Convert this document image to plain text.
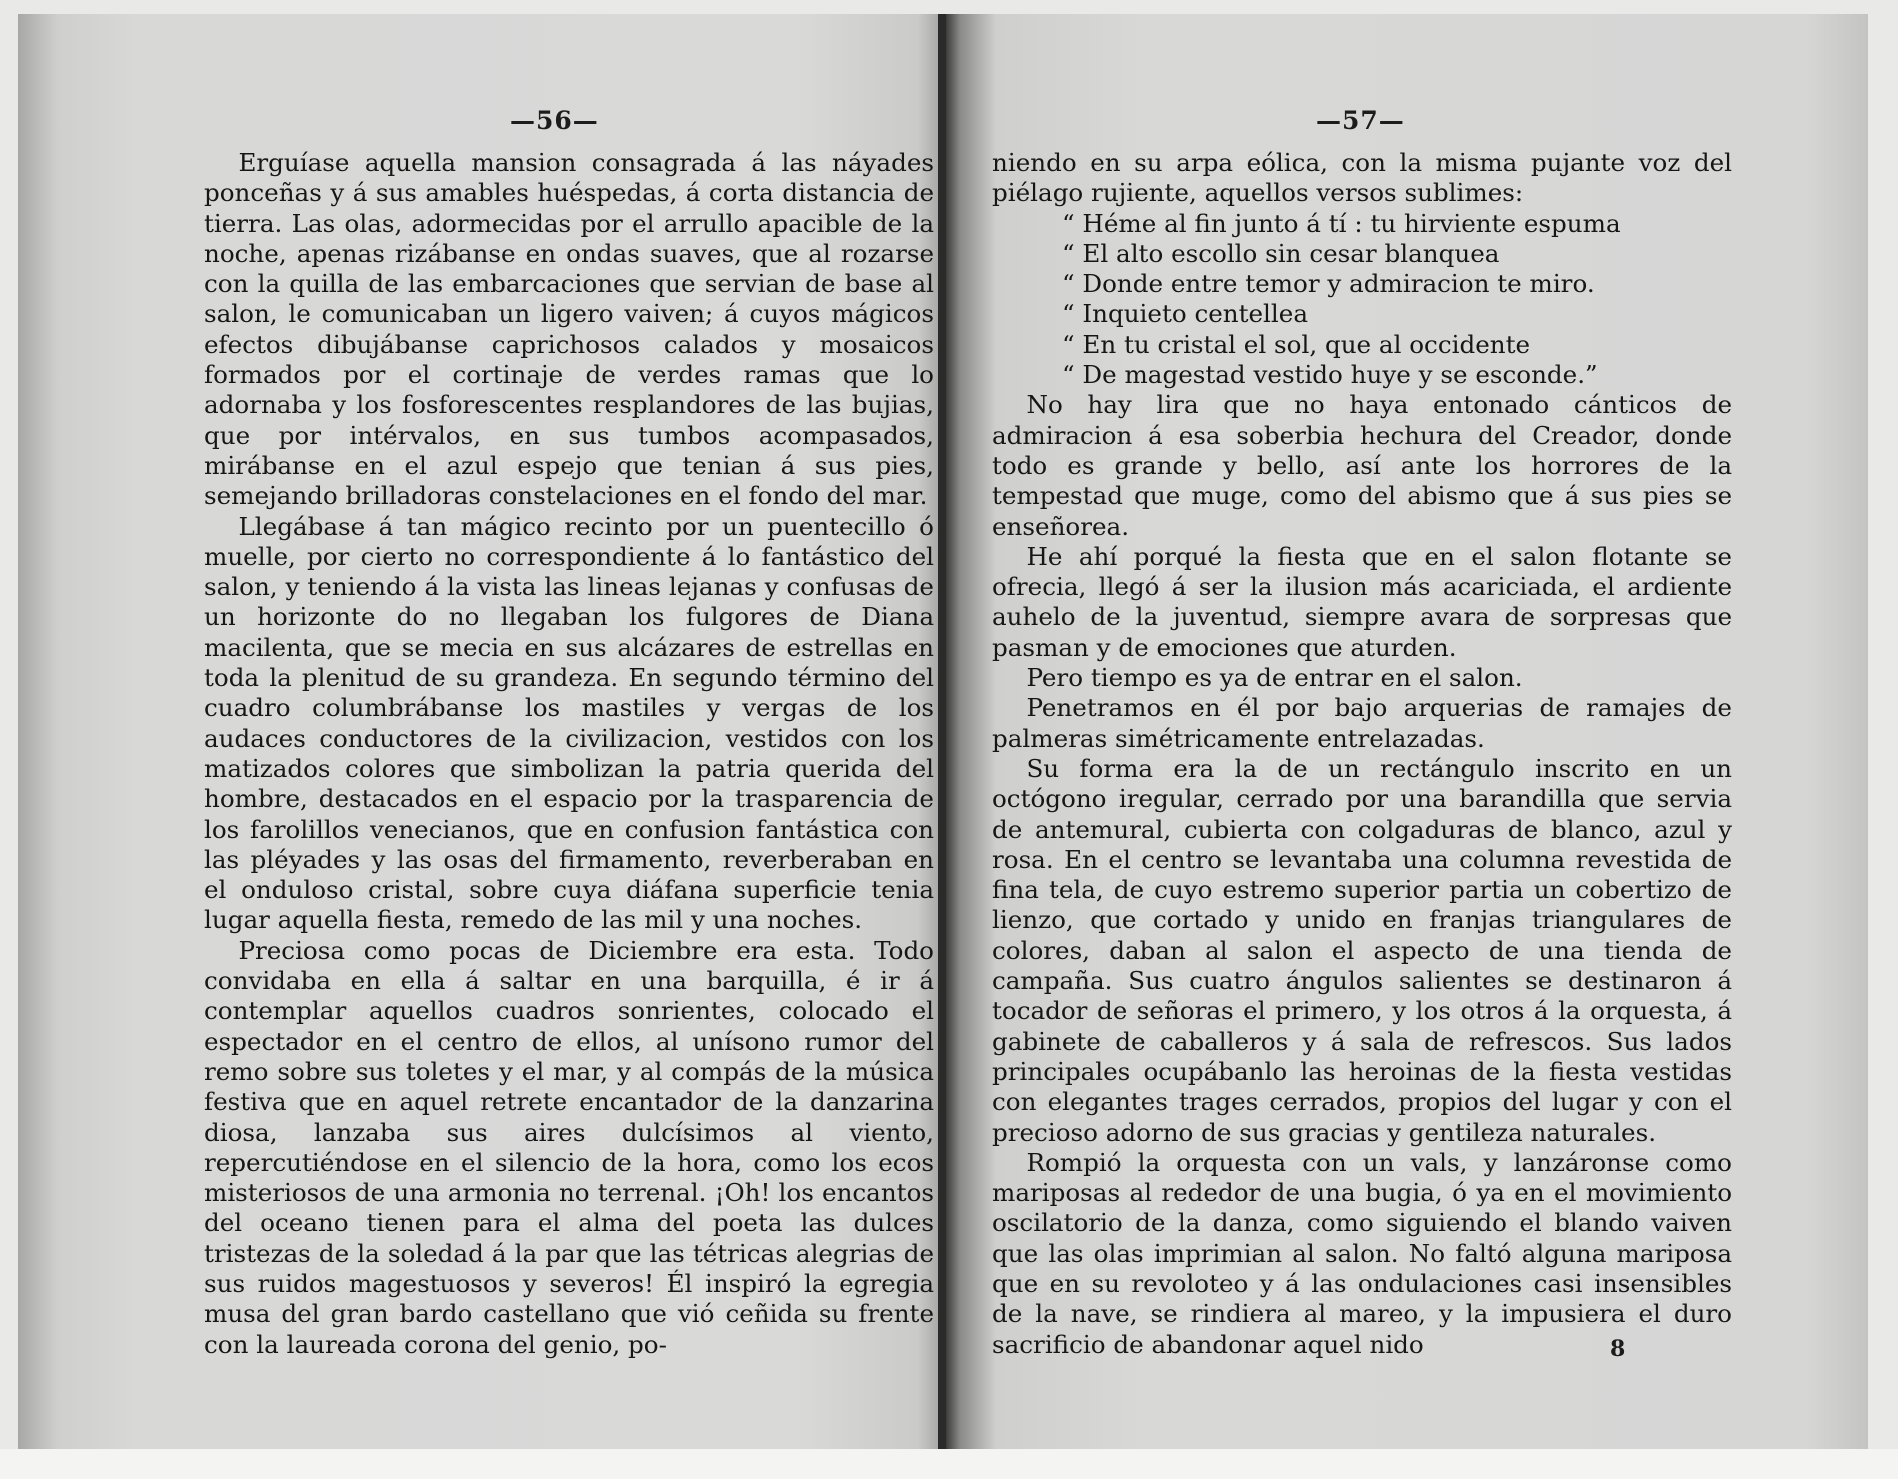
—56—

Erguíase aquella mansion consagrada á las náyades ponceñas y á sus amables huéspedas, á corta distancia de tierra. Las olas, adormecidas por el arrullo apacible de la noche, apenas rizábanse en ondas suaves, que al rozarse con la quilla de las embarcaciones que servian de base al salon, le comunicaban un ligero vaiven; á cuyos mágicos efectos dibujábanse caprichosos calados y mosaicos formados por el cortinaje de verdes ramas que lo adornaba y los fosforescentes resplandores de las bujias, que por intérvalos, en sus tumbos acompasados, mirábanse en el azul espejo que tenian á sus pies, semejando brilladoras constelaciones en el fondo del mar.

Llegábase á tan mágico recinto por un puentecillo ó muelle, por cierto no correspondiente á lo fantástico del salon, y teniendo á la vista las lineas lejanas y confusas de un horizonte do no llegaban los fulgores de Diana macilenta, que se mecia en sus alcázares de estrellas en toda la plenitud de su grandeza. En segundo término del cuadro columbrábanse los mastiles y vergas de los audaces conductores de la civilizacion, vestidos con los matizados colores que simbolizan la patria querida del hombre, destacados en el espacio por la trasparencia de los farolillos venecianos, que en confusion fantástica con las pléyades y las osas del firmamento, reverberaban en el onduloso cristal, sobre cuya diáfana superficie tenia lugar aquella fiesta, remedo de las mil y una noches.

Preciosa como pocas de Diciembre era esta. Todo convidaba en ella á saltar en una barquilla, é ir á contemplar aquellos cuadros sonrientes, colocado el espectador en el centro de ellos, al unísono rumor del remo sobre sus toletes y el mar, y al compás de la música festiva que en aquel retrete encantador de la danzarina diosa, lanzaba sus aires dulcísimos al viento, repercutiéndose en el silencio de la hora, como los ecos misteriosos de una armonia no terrenal. ¡Oh! los encantos del oceano tienen para el alma del poeta las dulces tristezas de la soledad á la par que las tétricas alegrias de sus ruidos magestuosos y severos! Él inspiró la egregia musa del gran bardo castellano que vió ceñida su frente con la laureada corona del genio, po-

—57—

niendo en su arpa eólica, con la misma pujante voz del piélago rujiente, aquellos versos sublimes:

“ Héme al fin junto á tí : tu hirviente espuma
“ El alto escollo sin cesar blanquea
“ Donde entre temor y admiracion te miro.
“ Inquieto centellea
“ En tu cristal el sol, que al occidente
“ De magestad vestido huye y se esconde.”

No hay lira que no haya entonado cánticos de admiracion á esa soberbia hechura del Creador, donde todo es grande y bello, así ante los horrores de la tempestad que muge, como del abismo que á sus pies se enseñorea.

He ahí porqué la fiesta que en el salon flotante se ofrecia, llegó á ser la ilusion más acariciada, el ardiente auhelo de la juventud, siempre avara de sorpresas que pasman y de emociones que aturden.

Pero tiempo es ya de entrar en el salon.

Penetramos en él por bajo arquerias de ramajes de palmeras simétricamente entrelazadas.

Su forma era la de un rectángulo inscrito en un octógono iregular, cerrado por una barandilla que servia de antemural, cubierta con colgaduras de blanco, azul y rosa. En el centro se levantaba una columna revestida de fina tela, de cuyo estremo superior partia un cobertizo de lienzo, que cortado y unido en franjas triangulares de colores, daban al salon el aspecto de una tienda de campaña. Sus cuatro ángulos salientes se destinaron á tocador de señoras el primero, y los otros á la orquesta, á gabinete de caballeros y á sala de refrescos. Sus lados principales ocupábanlo las heroinas de la fiesta vestidas con elegantes trages cerrados, propios del lugar y con el precioso adorno de sus gracias y gentileza naturales.

Rompió la orquesta con un vals, y lanzáronse como mariposas al rededor de una bugia, ó ya en el movimiento oscilatorio de la danza, como siguiendo el blando vaiven que las olas imprimian al salon. No faltó alguna mariposa que en su revoloteo y á las ondulaciones casi insensibles de la nave, se rindiera al mareo, y la impusiera el duro sacrificio de abandonar aquel nido	8
